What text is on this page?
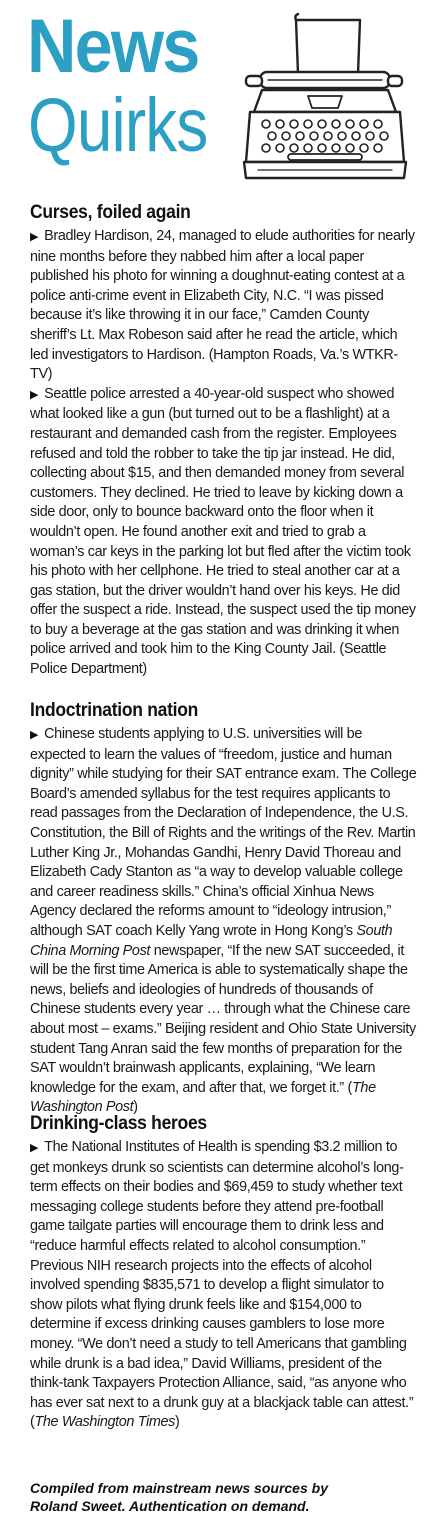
News
Quirks
Curses, foiled again

▶ Bradley Hardison, 24, managed to elude authorities for nearly nine months before they nabbed him after a local paper published his photo for winning a doughnut-eating contest at a police anti-crime event in Elizabeth City, N.C. “I was pissed because it’s like throwing it in our face,” Camden County sheriff’s Lt. Max Robeson said after he read the article, which led investigators to Hardison. (Hampton Roads, Va.’s WTKR-TV)

▶ Seattle police arrested a 40-year-old suspect who showed what looked like a gun (but turned out to be a flashlight) at a restaurant and demanded cash from the register. Employees refused and told the robber to take the tip jar instead. He did, collecting about $15, and then demanded money from several customers. They declined. He tried to leave by kicking down a side door, only to bounce backward onto the floor when it wouldn’t open. He found another exit and tried to grab a woman’s car keys in the parking lot but fled after the victim took his photo with her cellphone. He tried to steal another car at a gas station, but the driver wouldn’t hand over his keys. He did offer the suspect a ride. Instead, the suspect used the tip money to buy a beverage at the gas station and was drinking it when police arrived and took him to the King County Jail. (Seattle Police Department)

Indoctrination nation

▶ Chinese students applying to U.S. universities will be expected to learn the values of “freedom, justice and human dignity” while studying for their SAT entrance exam. The College Board’s amended syllabus for the test requires applicants to read passages from the Declaration of Independence, the U.S. Constitution, the Bill of Rights and the writings of the Rev. Martin Luther King Jr., Mohandas Gandhi, Henry David Thoreau and Elizabeth Cady Stanton as “a way to develop valuable college and career readiness skills.” China’s official Xinhua News Agency declared the reforms amount to “ideology intrusion,” although SAT coach Kelly Yang wrote in Hong Kong’s South China Morning Post newspaper, “If the new SAT succeeded, it will be the first time America is able to systematically shape the news, beliefs and ideologies of hundreds of thousands of Chinese students every year … through what the Chinese care about most – exams.” Beijing resident and Ohio State University student Tang Anran said the few months of preparation for the SAT wouldn’t brainwash applicants, explaining, “We learn knowledge for the exam, and after that, we forget it.” (The Washington Post)

Drinking-class heroes

▶ The National Institutes of Health is spending $3.2 million to get monkeys drunk so scientists can determine alcohol’s long-term effects on their bodies and $69,459 to study whether text messaging college students before they attend pre-football game tailgate parties will encourage them to drink less and “reduce harmful effects related to alcohol consumption.” Previous NIH research projects into the effects of alcohol involved spending $835,571 to develop a flight simulator to show pilots what flying drunk feels like and $154,000 to determine if excess drinking causes gamblers to lose more money. “We don’t need a study to tell Americans that gambling while drunk is a bad idea,” David Williams, president of the think-tank Taxpayers Protection Alliance, said, “as anyone who has ever sat next to a drunk guy at a blackjack table can attest.” (The Washington Times)

Compiled from mainstream news sources by
Roland Sweet. Authentication on demand.
